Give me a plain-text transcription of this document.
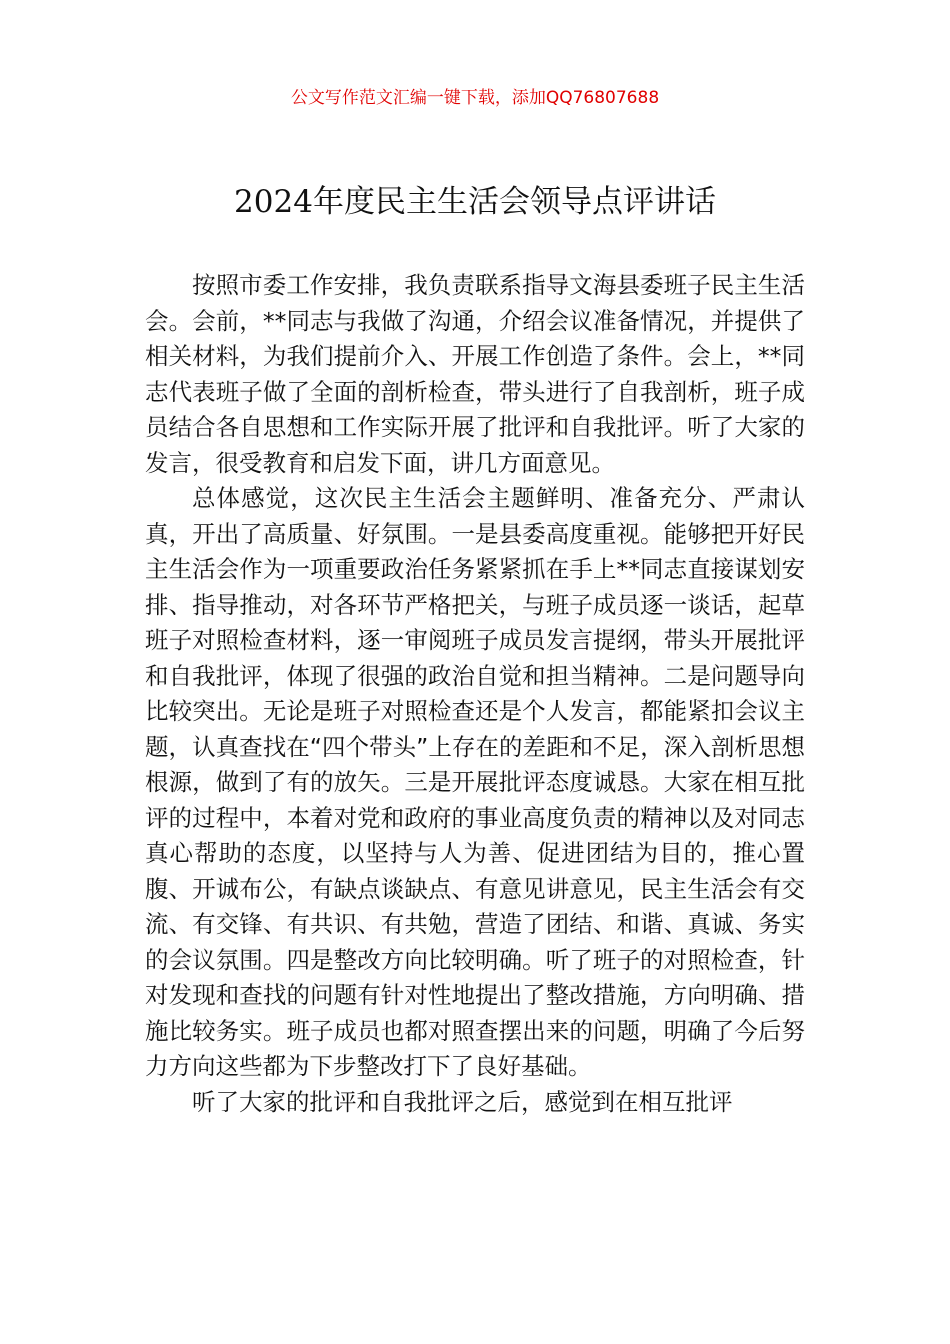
公文写作范文汇编一键下载，添加QQ76807688
2024年度民主生活会领导点评讲话

按照市委工作安排，我负责联系指导文海县委班子民主生活会。会前，**同志与我做了沟通，介绍会议准备情况，并提供了相关材料，为我们提前介入、开展工作创造了条件。会上，**同志代表班子做了全面的剖析检查，带头进行了自我剖析，班子成员结合各自思想和工作实际开展了批评和自我批评。听了大家的发言，很受教育和启发下面，讲几方面意见。

总体感觉，这次民主生活会主题鲜明、准备充分、严肃认真，开出了高质量、好氛围。一是县委高度重视。能够把开好民主生活会作为一项重要政治任务紧紧抓在手上**同志直接谋划安排、指导推动，对各环节严格把关，与班子成员逐一谈话，起草班子对照检查材料，逐一审阅班子成员发言提纲，带头开展批评和自我批评，体现了很强的政治自觉和担当精神。二是问题导向比较突出。无论是班子对照检查还是个人发言，都能紧扣会议主题，认真查找在“四个带头”上存在的差距和不足，深入剖析思想根源，做到了有的放矢。三是开展批评态度诚恳。大家在相互批评的过程中，本着对党和政府的事业高度负责的精神以及对同志真心帮助的态度，以坚持与人为善、促进团结为目的，推心置腹、开诚布公，有缺点谈缺点、有意见讲意见，民主生活会有交流、有交锋、有共识、有共勉，营造了团结、和谐、真诚、务实的会议氛围。四是整改方向比较明确。听了班子的对照检查，针对发现和查找的问题有针对性地提出了整改措施，方向明确、措施比较务实。班子成员也都对照查摆出来的问题，明确了今后努力方向这些都为下步整改打下了良好基础。

听了大家的批评和自我批评之后，感觉到在相互批评
